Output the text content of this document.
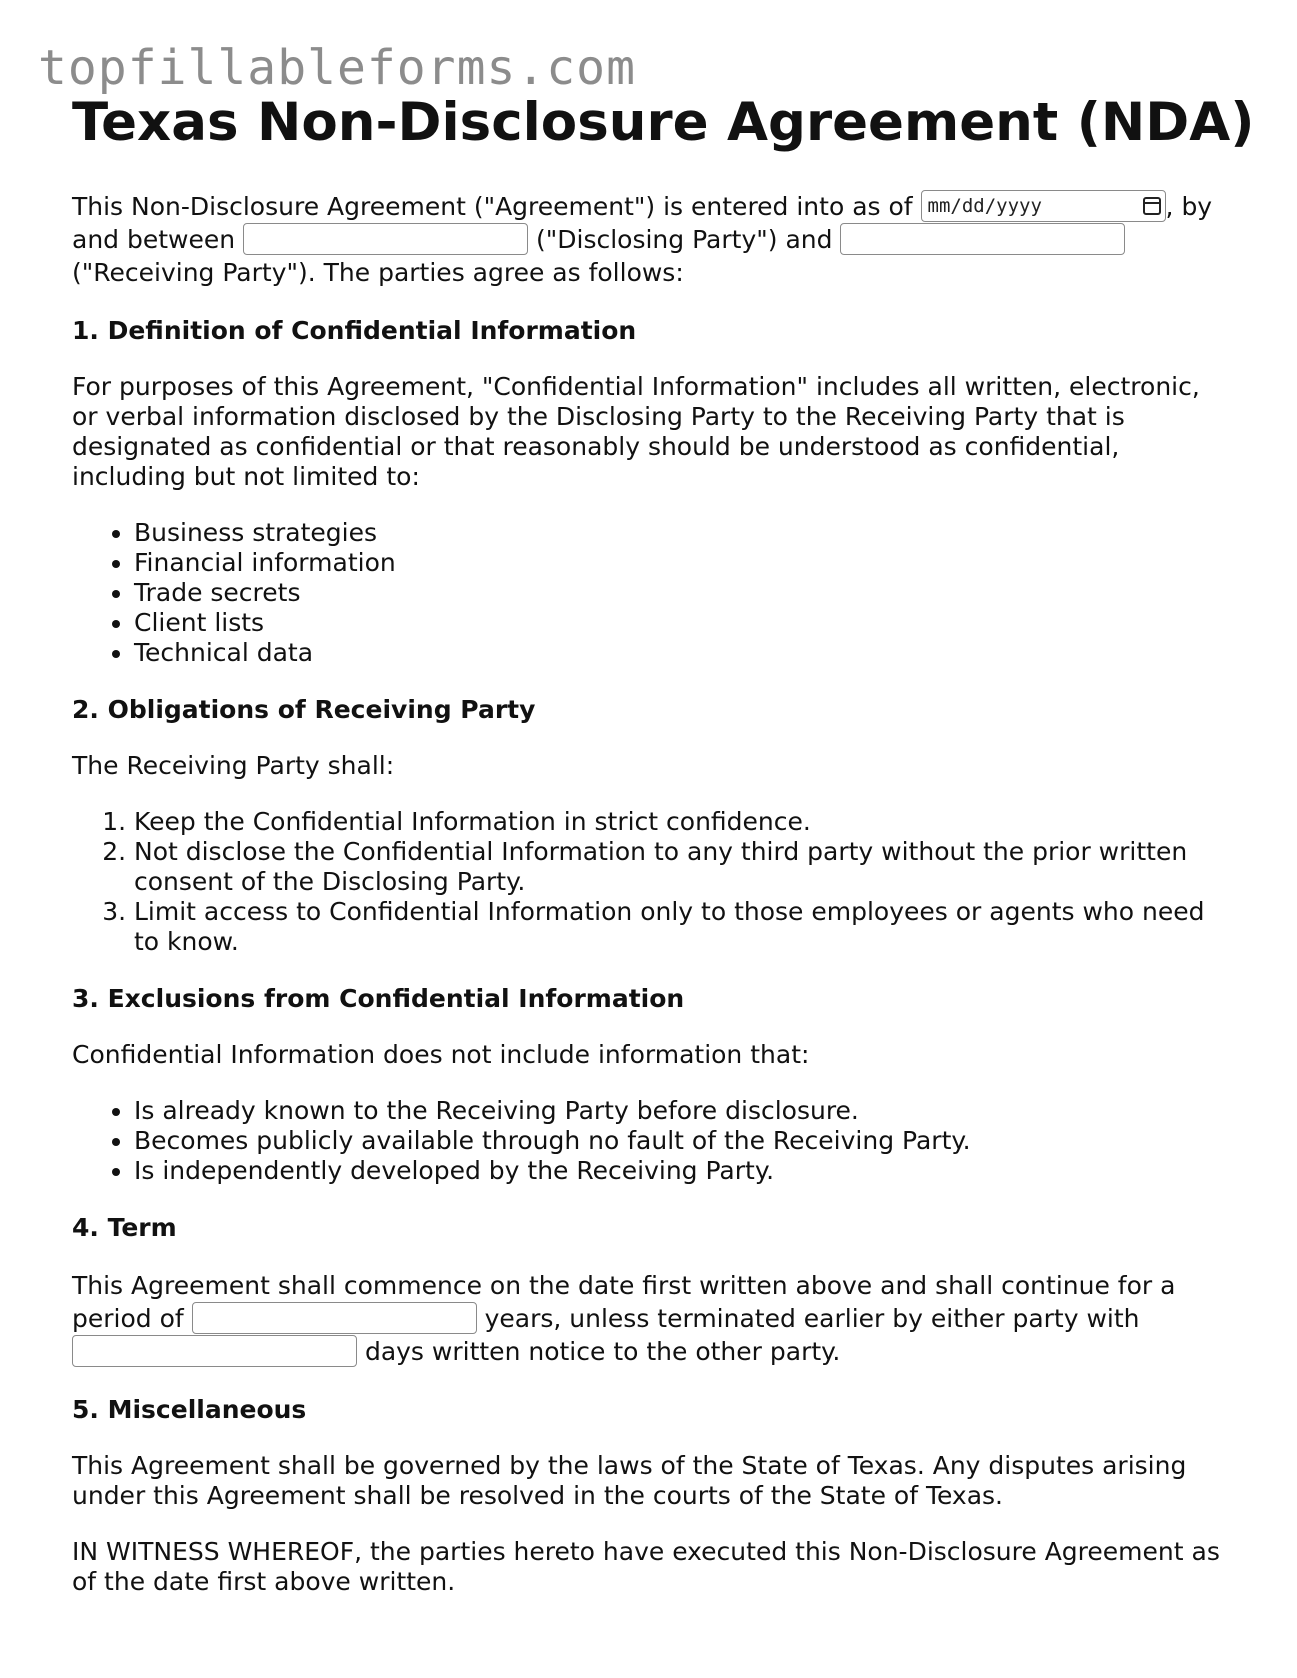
topfillableforms.com
Texas Non-Disclosure Agreement (NDA)

This Non-Disclosure Agreement ("Agreement") is entered into as of mm/dd/yyyy	, by and between	("Disclosing Party") and  ("Receiving Party"). The parties agree as follows:

1. Definition of Confidential Information

For purposes of this Agreement, "Confidential Information" includes all written, electronic, or verbal information disclosed by the Disclosing Party to the Receiving Party that is designated as confidential or that reasonably should be understood as confidential, including but not limited to:

• Business strategies
• Financial information
• Trade secrets
• Client lists
• Technical data
2. Obligations of Receiving Party

The Receiving Party shall:

1. Keep the Confidential Information in strict confidence.
2. Not disclose the Confidential Information to any third party without the prior written consent of the Disclosing Party.
3. Limit access to Confidential Information only to those employees or agents who need to know.
3. Exclusions from Confidential Information

Confidential Information does not include information that:

• Is already known to the Receiving Party before disclosure.
• Becomes publicly available through no fault of the Receiving Party.
• Is independently developed by the Receiving Party.
4. Term

This Agreement shall commence on the date first written above and shall continue for a period of	years, unless terminated earlier by either party with  days written notice to the other party.

5. Miscellaneous

This Agreement shall be governed by the laws of the State of Texas. Any disputes arising under this Agreement shall be resolved in the courts of the State of Texas.

IN WITNESS WHEREOF, the parties hereto have executed this Non-Disclosure Agreement as of the date first above written.
